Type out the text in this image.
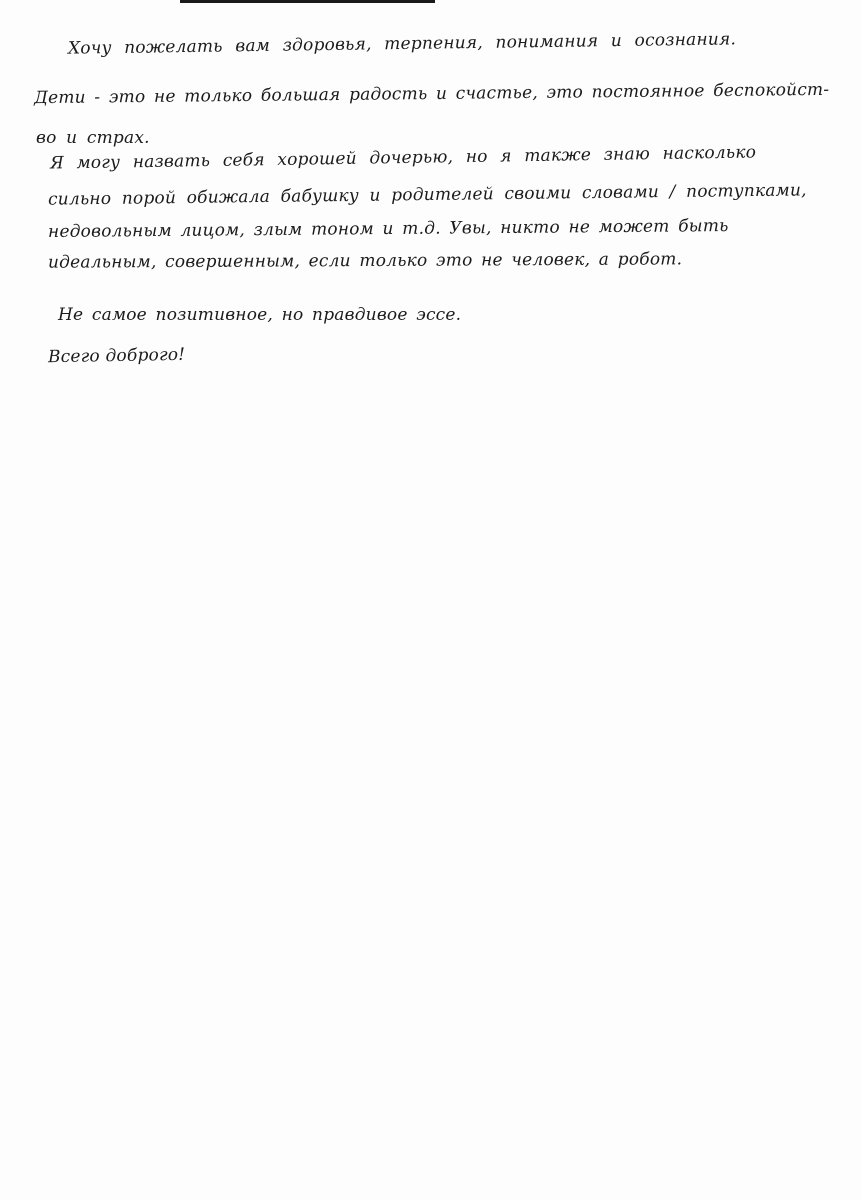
Хочу пожелать вам здоровья, терпения, понимания и осознания.

Дети - это не только большая радость и счастье, это постоянное беспокойст-

во и страх.

Я могу назвать себя хорошей дочерью, но я также знаю насколько

сильно порой обижала бабушку и родителей своими словами / поступками,

недовольным лицом, злым тоном и т.д. Увы, никто не может быть

идеальным, совершенным, если только это не человек, а робот.

Не самое позитивное, но правдивое эссе.

Всего доброго!
